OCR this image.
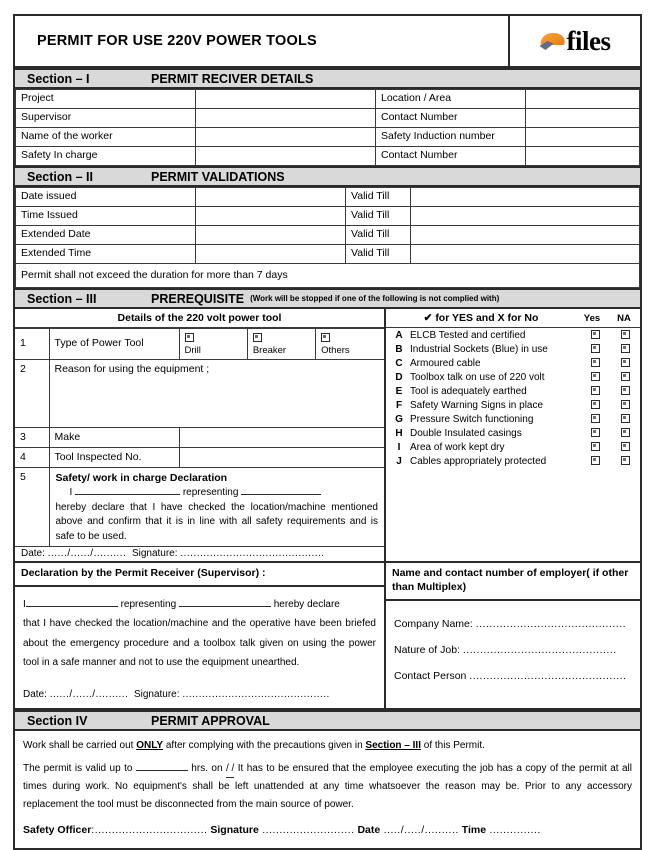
PERMIT FOR USE 220V POWER TOOLS	files
Section – I	PERMIT RECIVER DETAILS
Project		Location / Area	
Supervisor		Contact Number	
Name of the worker		Safety Induction number	
Safety In charge		Contact Number	
Section – II	PERMIT VALIDATIONS
Date issued		Valid Till	
Time Issued		Valid Till	
Extended Date		Valid Till	
Extended Time		Valid Till	
Permit shall not exceed the duration for more than 7 days			
Section – III	PREREQUISITE (Work will be stopped if one of the following is not complied with)
Details of the 220 volt power tool
1	Type of Power Tool	Drill	Breaker	Others

2	Reason for using the equipment ;			
3	Make			
4	Tool Inspected No.			
5	Safety/ work in charge Declaration
I representing

hereby declare that I have checked the location/machine mentioned above and confirm that it is in line with all safety requirements and is safe to be used.			

Date: ....../....../.......... Signature: ............................................
✔ for YES and X for No	Yes	NA
A	ELCB Tested and certified		
B	Industrial Sockets (Blue) in use		
C	Armoured cable		
D	Toolbox talk on use of 220 volt		
E	Tool is adequately earthed		
F	Safety Warning Signs in place		
G	Pressure Switch functioning		
H	Double Insulated casings		
I	Area of work kept dry		
J	Cables appropriately protected		
Declaration by the Permit Receiver (Supervisor) :
I	representing	hereby declare

that I have checked the location/machine and the operative have been briefed about the emergency procedure and a toolbox talk given on using the power tool in a safe manner and not to use the equipment unearthed.

Date: ....../....../.......... Signature: .............................................
Name and contact number of employer( if other than Multiplex)
Company Name: ............................................
Nature of Job: .............................................
Contact Person ..............................................
Section IV	PERMIT APPROVAL

Work shall be carried out ONLY after complying with the precautions given in Section – III of this Permit.

The permit is valid up to	hrs. on / / It has to be ensured that the employee executing the job has a copy of the permit at all times during work. No equipment's shall be left unattended at any time whatsoever the reason may be. Prior to any accessory replacement the tool must be disconnected from the main source of power.

Safety Officer:................................. Signature ........................... Date ...../...../.......... Time ...............
